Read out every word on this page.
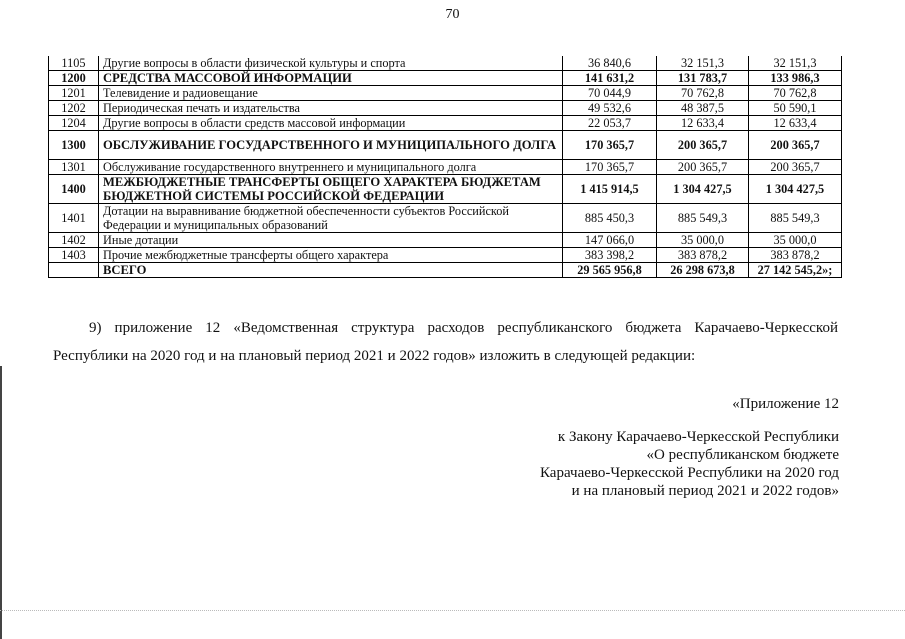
70
1105	Другие вопросы в области физической культуры и спорта	36 840,6	32 151,3	32 151,3
1200	СРЕДСТВА МАССОВОЙ ИНФОРМАЦИИ	141 631,2	131 783,7	133 986,3
1201	Телевидение и радиовещание	70 044,9	70 762,8	70 762,8
1202	Периодическая печать и издательства	49 532,6	48 387,5	50 590,1
1204	Другие вопросы в области средств массовой информации	22 053,7	12 633,4	12 633,4
1300	ОБСЛУЖИВАНИЕ ГОСУДАРСТВЕННОГО И МУНИЦИПАЛЬНОГО ДОЛГА	170 365,7	200 365,7	200 365,7
1301	Обслуживание государственного внутреннего и муниципального долга	170 365,7	200 365,7	200 365,7
1400	МЕЖБЮДЖЕТНЫЕ ТРАНСФЕРТЫ ОБЩЕГО ХАРАКТЕРА БЮДЖЕТАМ БЮДЖЕТНОЙ СИСТЕМЫ РОССИЙСКОЙ ФЕДЕРАЦИИ	1 415 914,5	1 304 427,5	1 304 427,5
1401	Дотации на выравнивание бюджетной обеспеченности субъектов Российской Федерации и муниципальных образований	885 450,3	885 549,3	885 549,3
1402	Иные дотации	147 066,0	35 000,0	35 000,0
1403	Прочие межбюджетные трансферты общего характера	383 398,2	383 878,2	383 878,2
	ВСЕГО	29 565 956,8	26 298 673,8	27 142 545,2»;
9) приложение 12 «Ведомственная структура расходов республиканского бюджета Карачаево-Черкесской Республики на 2020 год и на плановый период 2021 и 2022 годов» изложить в следующей редакции:
«Приложение 12
к Закону Карачаево-Черкесской Республики
«О республиканском бюджете
Карачаево-Черкесской Республики на 2020 год
и на плановый период 2021 и 2022 годов»
